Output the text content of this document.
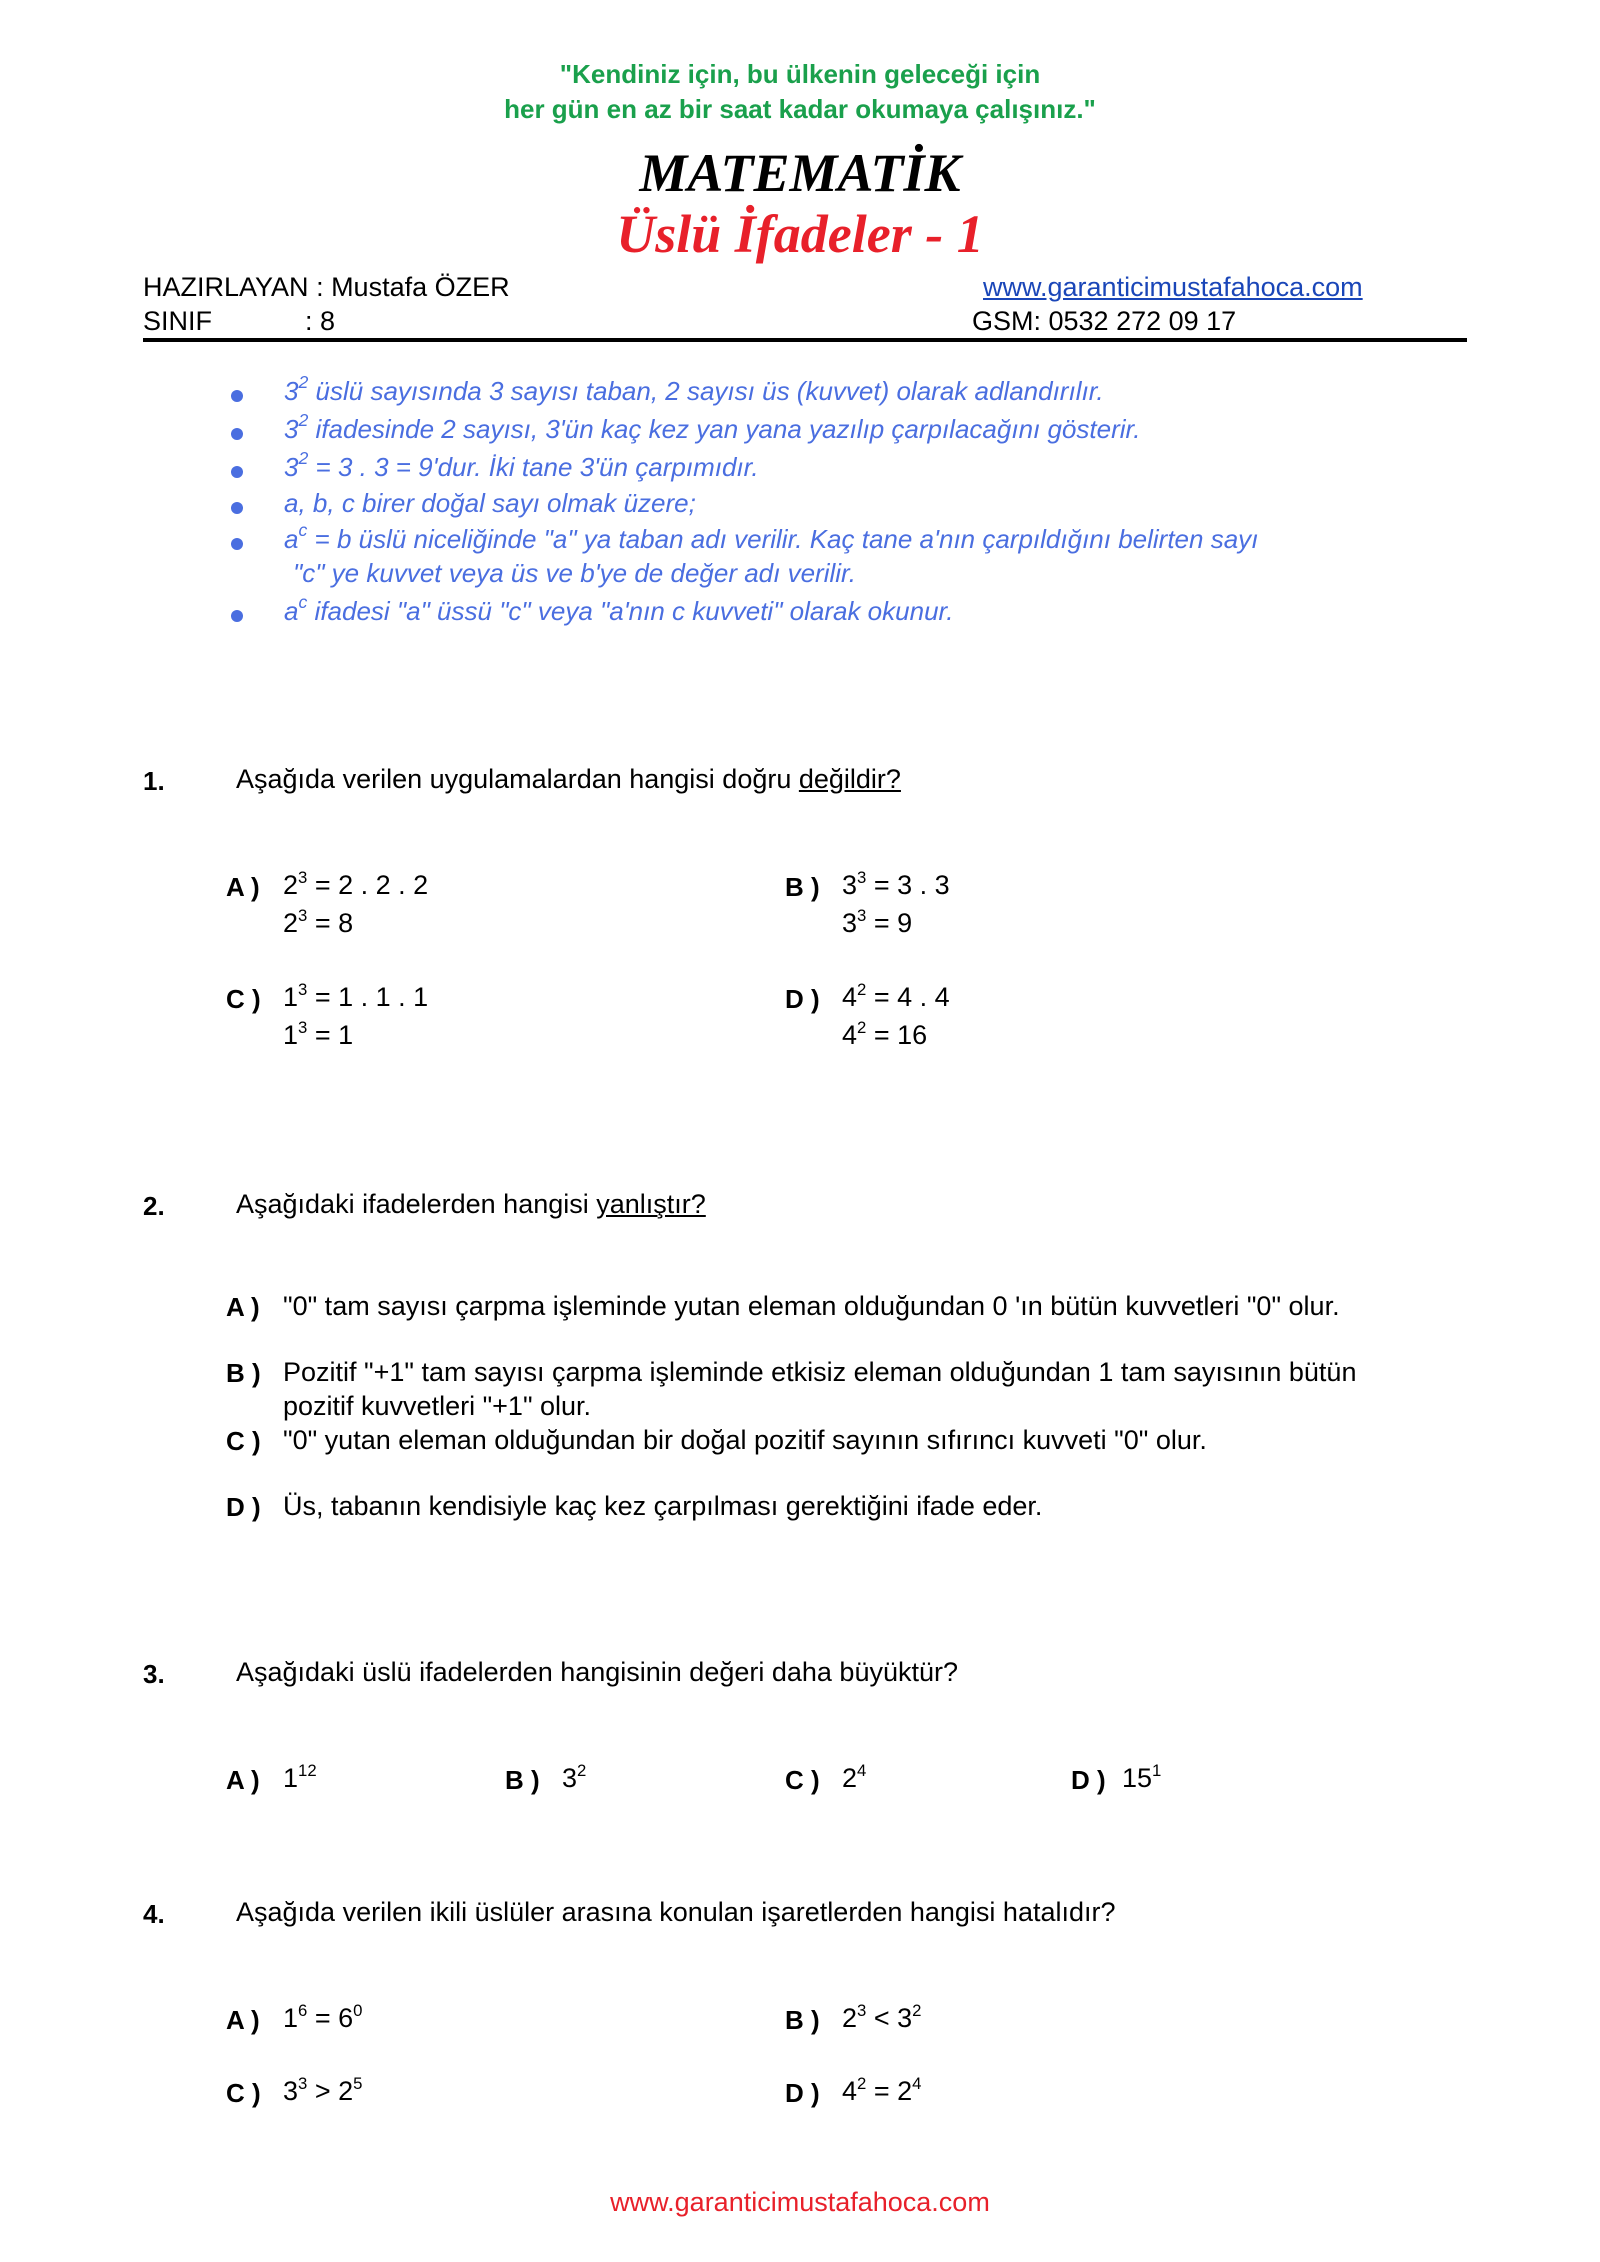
"Kendiniz için, bu ülkenin geleceği için
her gün en az bir saat kadar okumaya çalışınız."
MATEMATİK
Üslü İfadeler - 1
HAZIRLAYAN : Mustafa ÖZER
SINIF	: 8
www.garanticimustafahoca.com
GSM: 0532 272 09 17
$3^2$ üslü sayısında 3 sayısı taban, 2 sayısı üs (kuvvet) olarak adlandırılır.
$3^2$ ifadesinde 2 sayısı, 3'ün kaç kez yan yana yazılıp çarpılacağını gösterir.
$3^2 = 3$ . 3 = 9'dur. İki tane 3'ün çarpımıdır.
a, b, c birer doğal sayı olmak üzere;
$a^c = b$ üslü niceliğinde "a" ya taban adı verilir. Kaç tane a'nın çarpıldığını belirten sayı
"c" ye kuvvet veya üs ve b'ye de değer adı verilir.
$a^c$ ifadesi "a" üssü "c" veya "a'nın c kuvveti" olarak okunur.
1.	Aşağıda verilen uygulamalardan hangisi doğru değildir?
A ) $2^3 = 2$ . 2 . 2
$2^3 = 8$
B ) $3^3 = 3$ . 3
$3^3 = 9$
C ) $1^3 = 1$ . 1 . 1
$1^3 = 1$
D ) $4^2 = 4$ . 4
$4^2 = 16$
2.	Aşağıdaki ifadelerden hangisi yanlıştır?
A ) "0" tam sayısı çarpma işleminde yutan eleman olduğundan 0 'ın bütün kuvvetleri "0" olur.
B ) Pozitif "+1" tam sayısı çarpma işleminde etkisiz eleman olduğundan 1 tam sayısının bütün
pozitif kuvvetleri "+1" olur.
C ) "0" yutan eleman olduğundan bir doğal pozitif sayının sıfırıncı kuvveti "0" olur.
D ) Üs, tabanın kendisiyle kaç kez çarpılması gerektiğini ifade eder.
3.	Aşağıdaki üslü ifadelerden hangisinin değeri daha büyüktür?
A ) $1^{12}$	B ) $3^2$	C ) $2^4$	D ) $15^1$
4.	Aşağıda verilen ikili üslüler arasına konulan işaretlerden hangisi hatalıdır?
A ) $1^6 = 6^0$	B ) $2^3 < 3^2$
C ) $3^3 > 2^5$	D ) $4^2 = 2^4$
www.garanticimustafahoca.com
